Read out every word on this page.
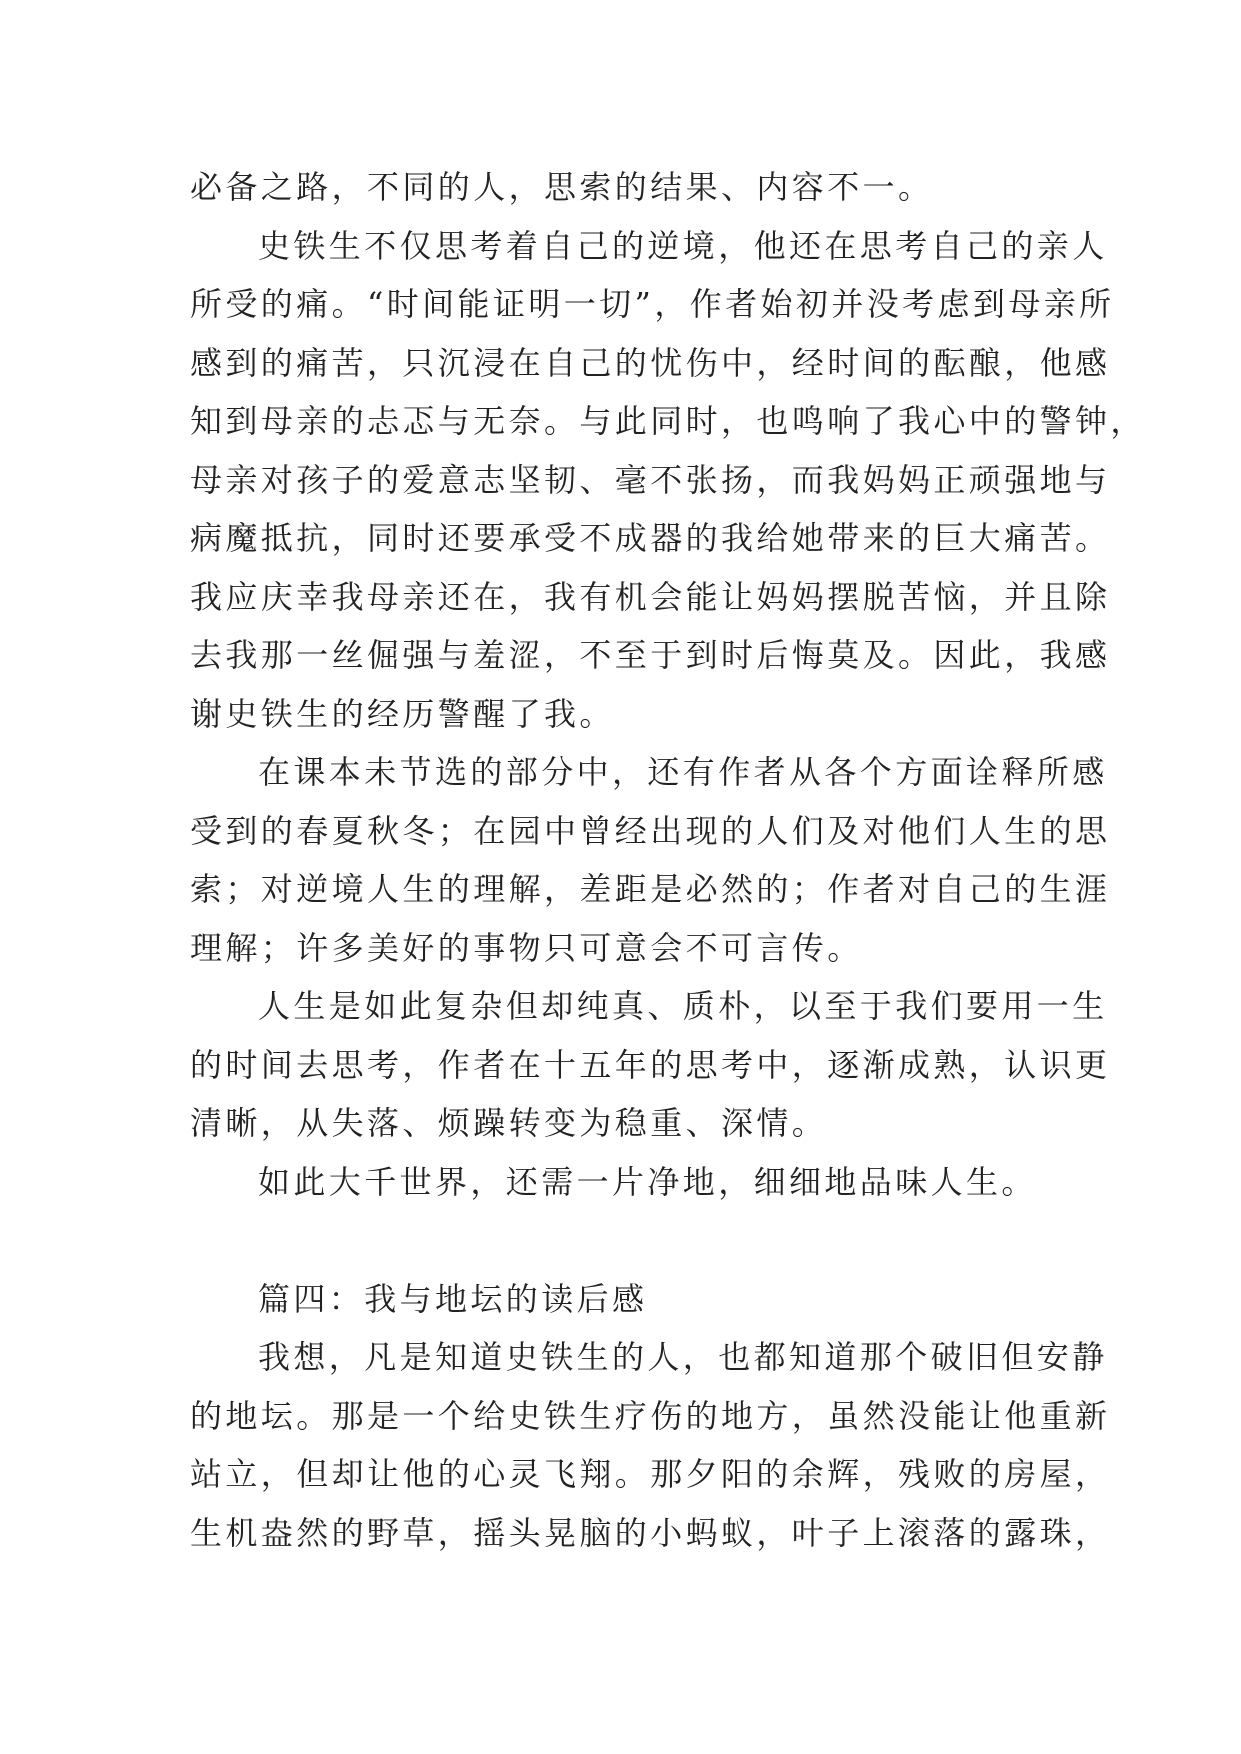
必备之路，不同的人，思索的结果、内容不一。
史铁生不仅思考着自己的逆境，他还在思考自己的亲人
所受的痛。“时间能证明一切”，作者始初并没考虑到母亲所
感到的痛苦，只沉浸在自己的忧伤中，经时间的酝酿，他感
知到母亲的忐忑与无奈。与此同时，也鸣响了我心中的警钟，
母亲对孩子的爱意志坚韧、毫不张扬，而我妈妈正顽强地与
病魔抵抗，同时还要承受不成器的我给她带来的巨大痛苦。
我应庆幸我母亲还在，我有机会能让妈妈摆脱苦恼，并且除
去我那一丝倔强与羞涩，不至于到时后悔莫及。因此，我感
谢史铁生的经历警醒了我。
在课本未节选的部分中，还有作者从各个方面诠释所感
受到的春夏秋冬；在园中曾经出现的人们及对他们人生的思
索；对逆境人生的理解，差距是必然的；作者对自己的生涯
理解；许多美好的事物只可意会不可言传。
人生是如此复杂但却纯真、质朴，以至于我们要用一生
的时间去思考，作者在十五年的思考中，逐渐成熟，认识更
清晰，从失落、烦躁转变为稳重、深情。
如此大千世界，还需一片净地，细细地品味人生。
篇四：我与地坛的读后感
我想，凡是知道史铁生的人，也都知道那个破旧但安静
的地坛。那是一个给史铁生疗伤的地方，虽然没能让他重新
站立，但却让他的心灵飞翔。那夕阳的余辉，残败的房屋，
生机盎然的野草，摇头晃脑的小蚂蚁，叶子上滚落的露珠，
